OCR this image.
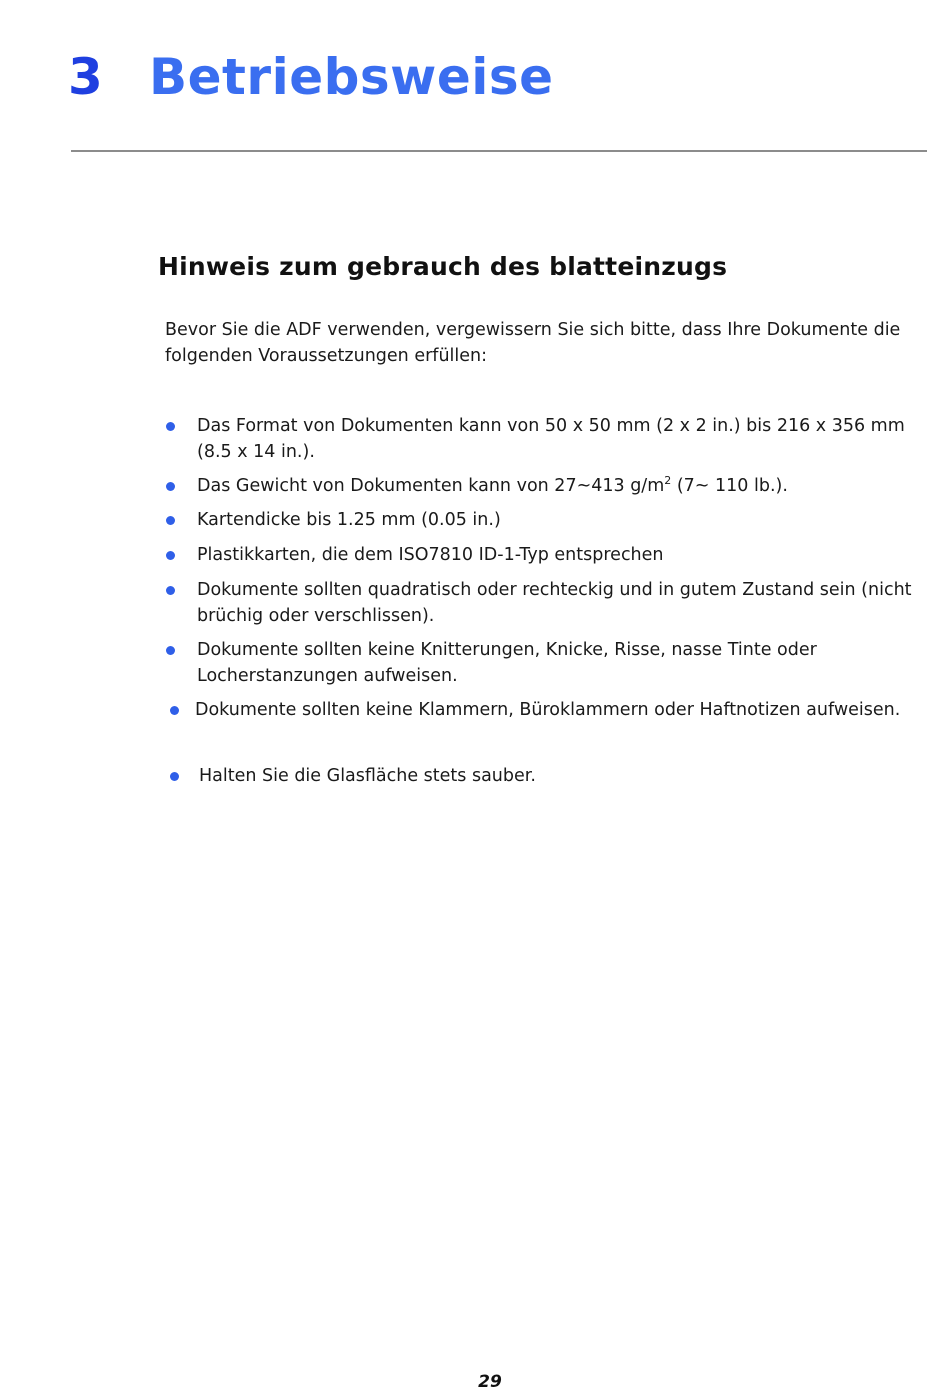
3 Betriebsweise
Hinweis zum gebrauch des blatteinzugs
Bevor Sie die ADF verwenden, vergewissern Sie sich bitte, dass Ihre Dokumente die folgenden Voraussetzungen erfüllen:
Das Format von Dokumenten kann von 50 x 50 mm (2 x 2 in.) bis 216 x 356 mm (8.5 x 14 in.).
Das Gewicht von Dokumenten kann von 27~413 $g/m^2$ (7~ 110 lb.).
Kartendicke bis 1.25 mm (0.05 in.)
Plastikkarten, die dem ISO7810 ID-1-Typ entsprechen
Dokumente sollten quadratisch oder rechteckig und in gutem Zustand sein (nicht brüchig oder verschlissen).
Dokumente sollten keine Knitterungen, Knicke, Risse, nasse Tinte oder Locherstanzungen aufweisen.
Dokumente sollten keine Klammern, Büroklammern oder Haftnotizen aufweisen.
Halten Sie die Glasfläche stets sauber.
29
